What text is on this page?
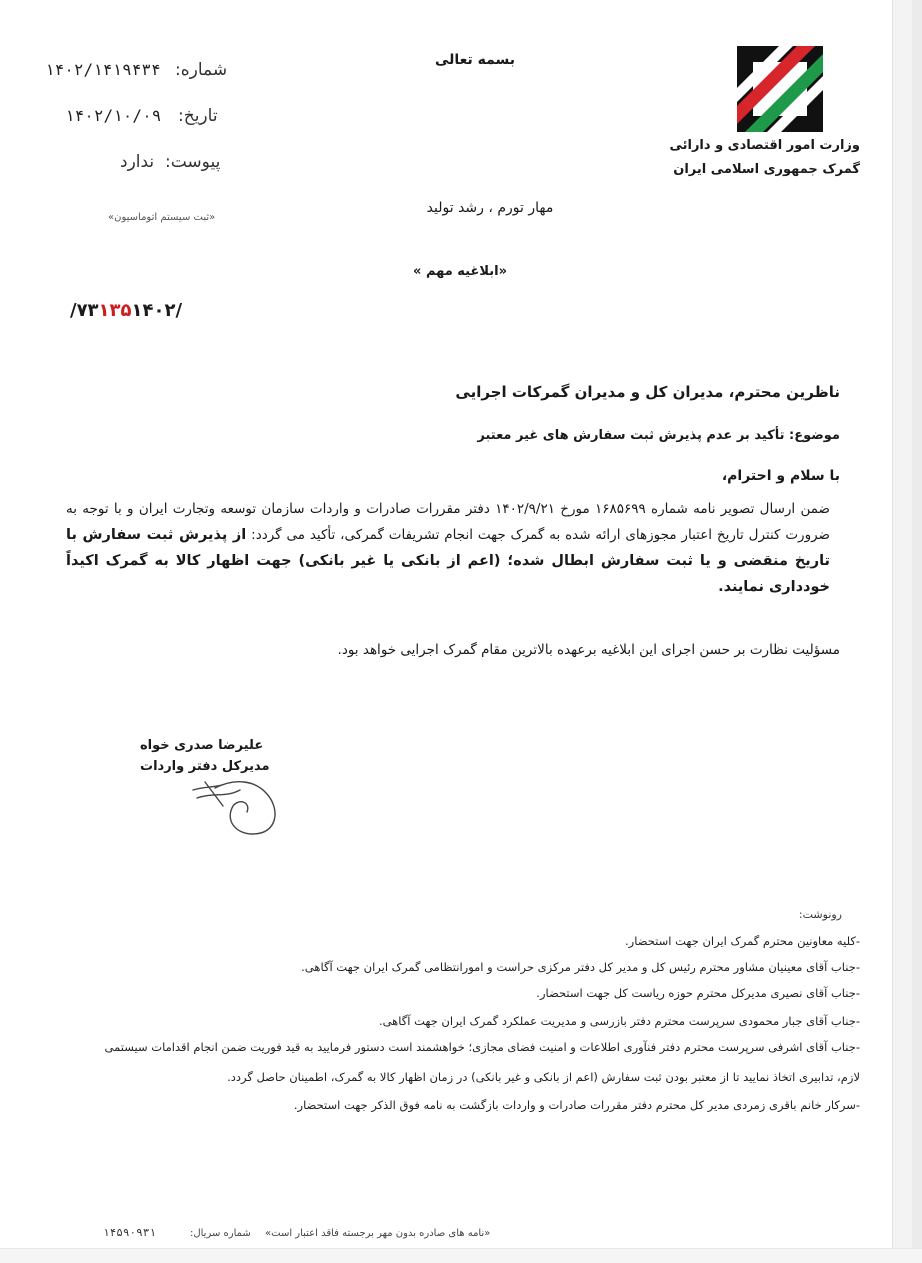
بسمه تعالی
وزارت امور اقتصادی و دارائی
گمرک جمهوری اسلامی ایران
شماره:
۱۴۰۲/۱۴۱۹۴۳۴
تاریخ:
۱۴۰۲/۱۰/۰۹
پیوست:
ندارد
«ثبت سیستم اتوماسیون»
مهار تورم ، رشد تولید
«ابلاغیه مهم »
/۷۳۱۳۵۱۴۰۲/
ناظرین محترم، مدیران کل و مدیران گمرکات اجرایی
موضوع: تأکید بر عدم پذیرش ثبت سفارش های غیر معتبر
با سلام و احترام،
ضمن ارسال تصویر نامه شماره ۱۶۸۵۶۹۹ مورخ ۱۴۰۲/۹/۲۱ دفتر مقررات صادرات و واردات سازمان توسعه وتجارت ایران و با توجه به ضرورت کنترل تاریخ اعتبار مجوزهای ارائه شده به گمرک جهت انجام تشریفات گمرکی، تأکید می گردد: از پذیرش ثبت سفارش با تاریخ منقضی و یا ثبت سفارش ابطال شده؛ (اعم از بانکی یا غیر بانکی) جهت اظهار کالا به گمرک اکیداً خودداری نمایند.
مسؤلیت نظارت بر حسن اجرای این ابلاغیه برعهده بالاترین مقام گمرک اجرایی خواهد بود.
علیرضا صدری خواه
مدیرکل دفتر واردات
رونوشت:
-کلیه معاونین محترم گمرک ایران جهت استحضار.
-جناب آقای معینیان مشاور محترم رئیس کل و مدیر کل دفتر مرکزی حراست و امورانتظامی گمرک ایران جهت آگاهی.
-جناب آقای نصیری مدیرکل محترم حوزه ریاست کل جهت استحضار.
-جناب آقای جبار محمودی سرپرست محترم دفتر بازرسی و مدیریت عملکرد گمرک ایران جهت آگاهی.
-جناب آقای اشرفی سرپرست محترم دفتر فنآوری اطلاعات و امنیت فضای مجازی؛ خواهشمند است دستور فرمایید به قید فوریت ضمن انجام اقدامات سیستمی
لازم، تدابیری اتخاذ نمایید تا از معتبر بودن ثبت سفارش (اعم از بانکی و غیر بانکی) در زمان اظهار کالا به گمرک، اطمینان حاصل گردد.
-سرکار خانم باقری زمردی مدیر کل محترم دفتر مقررات صادرات و واردات بازگشت به نامه فوق الذکر جهت استحضار.
«نامه های صادره بدون مهر برجسته فاقد اعتبار است»
شماره سریال:
۱۴۵۹۰۹۳۱
